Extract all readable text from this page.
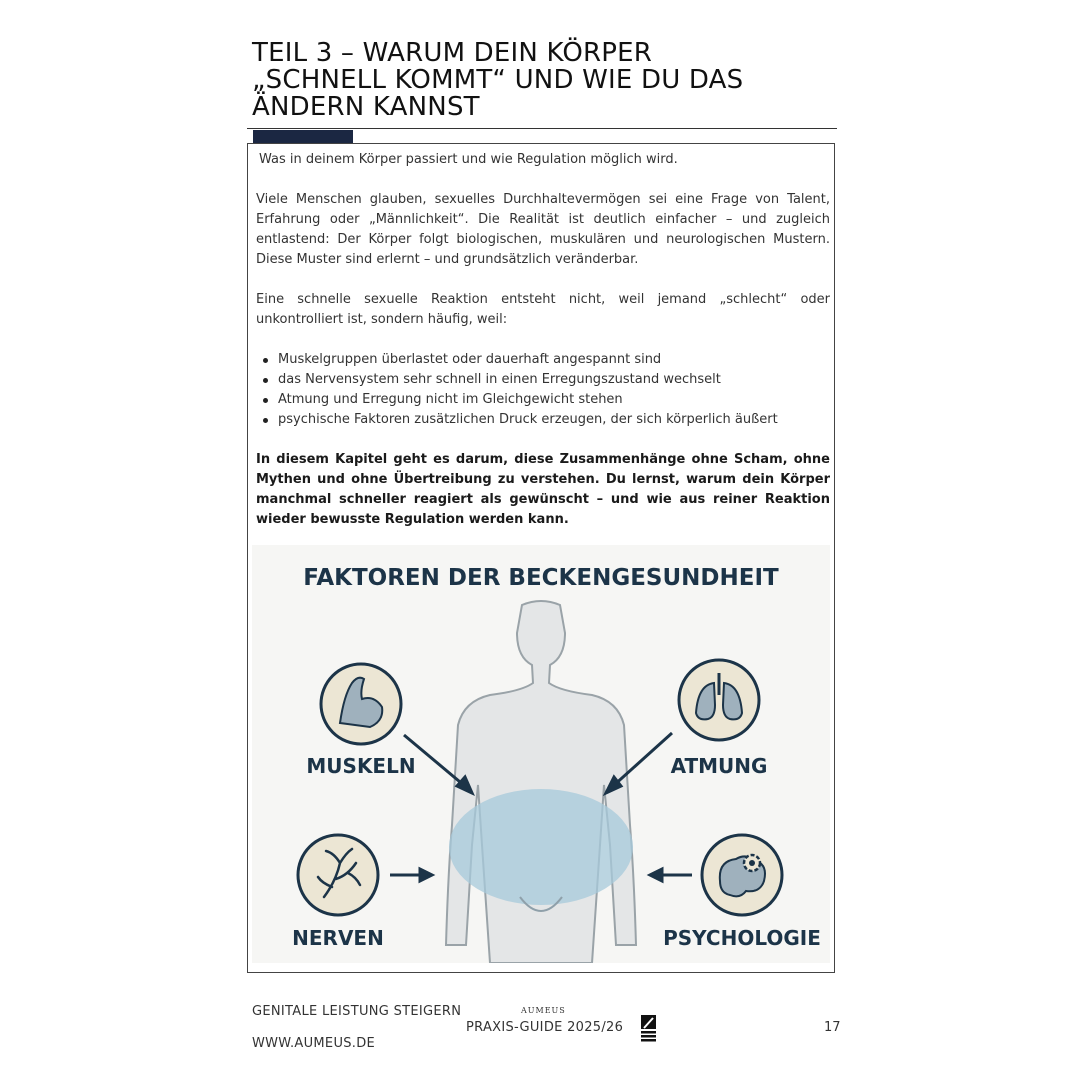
TEIL 3 – WARUM DEIN KÖRPER
„SCHNELL KOMMT“ UND WIE DU DAS
ÄNDERN KANNST
Was in deinem Körper passiert und wie Regulation möglich wird.
Viele Menschen glauben, sexuelles Durchhaltevermögen sei eine Frage von Talent, Erfahrung oder „Männlichkeit“. Die Realität ist deutlich einfacher – und zugleich entlastend: Der Körper folgt biologischen, muskulären und neurologischen Mustern. Diese Muster sind erlernt – und grundsätzlich veränderbar.
Eine schnelle sexuelle Reaktion entsteht nicht, weil jemand „schlecht“ oder unkontrolliert ist, sondern häufig, weil:
Muskelgruppen überlastet oder dauerhaft angespannt sind
das Nervensystem sehr schnell in einen Erregungszustand wechselt
Atmung und Erregung nicht im Gleichgewicht stehen
psychische Faktoren zusätzlichen Druck erzeugen, der sich körperlich äußert
In diesem Kapitel geht es darum, diese Zusammenhänge ohne Scham, ohne Mythen und ohne Übertreibung zu verstehen. Du lernst, warum dein Körper manchmal schneller reagiert als gewünscht – und wie aus reiner Reaktion wieder bewusste Regulation werden kann.
FAKTOREN DER BECKENGESUNDHEIT
MUSKELN	ATMUNG
NERVEN	PSYCHOLOGIE
GENITALE LEISTUNG STEIGERN
WWW.AUMEUS.DE
AUMEUS
PRAXIS-GUIDE 2025/26	17
